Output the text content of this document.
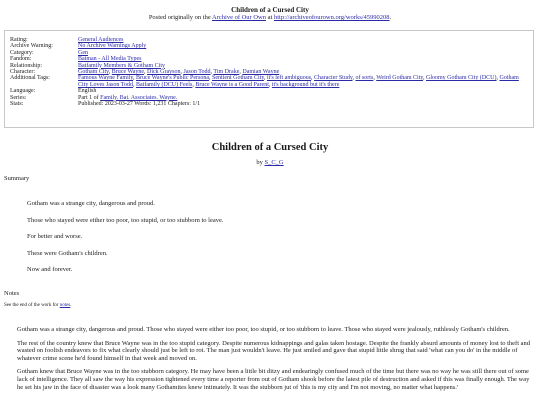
Children of a Cursed City
Posted originally on the Archive of Our Own at http://archiveofourown.org/works/45990208.
Rating:	General Audiences
Archive Warning:	No Archive Warnings Apply
Category:	Gen
Fandom:	Batman - All Media Types
Relationship:	Batfamily Members & Gotham City
Character:	Gotham City, Bruce Wayne, Dick Grayson, Jason Todd, Tim Drake, Damian Wayne
Additional Tags:	Famous Wayne Family, Bruce Wayne's Public Persona, Sentient Gotham City, it's left ambiguous, Character Study, of sorts, Weird Gotham City, Gloomy Gotham City (DCU), Gotham City Loves Jason Todd, Batfamily (DCU) Feels, Bruce Wayne is a Good Parent, it's background but it's there
Language:	English
Series:	Part 1 of Family. Bat. Associates. Wayne.
Stats:	Published: 2023-03-27 Words: 1,231 Chapters: 1/1
Children of a Cursed City
by S_C_G
Summary

Gotham was a strange city, dangerous and proud.

Those who stayed were either too poor, too stupid, or too stubborn to leave.

For better and worse.

These were Gotham's children.

Now and forever.

Notes
See the end of the work for notes.

Gotham was a strange city, dangerous and proud. Those who stayed were either too poor, too stupid, or too stubborn to leave. Those who stayed were jealously, ruthlessly Gotham's children.

The rest of the country knew that Bruce Wayne was in the too stupid category. Despite numerous kidnappings and galas taken hostage. Despite the frankly absurd amounts of money lost to theft and wasted on foolish endeavors to fix what clearly should just be left to rot. The man just wouldn't leave. He just smiled and gave that stupid little shrug that said 'what can you do' in the middle of whatever crime scene he'd found himself in that week and moved on.

Gotham knew that Bruce Wayne was in the too stubborn category. He may have been a little bit ditzy and endearingly confused much of the time but there was no way he was still there out of some lack of intelligence. They all saw the way his expression tightened every time a reporter from out of Gotham shook before the latest pile of destruction and asked if this was finally enough. The way he set his jaw in the face of disaster was a look many Gothamites knew intimately. It was the stubborn jut of 'this is my city and I'm not moving, no matter what happens.'
